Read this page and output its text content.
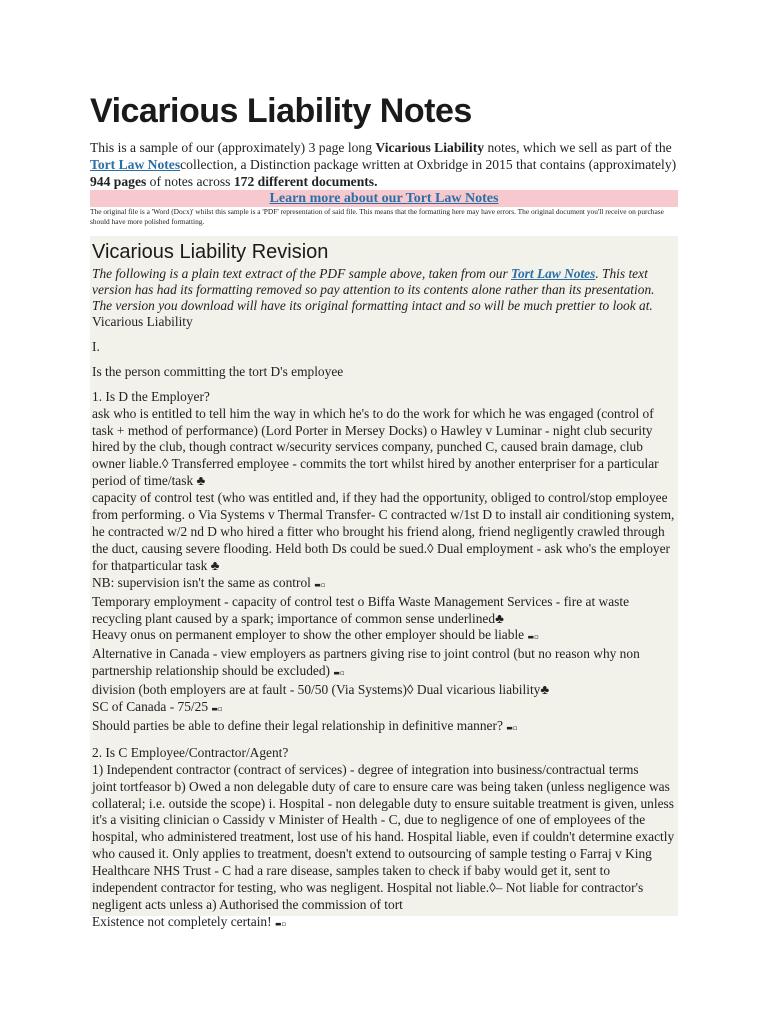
Vicarious Liability Notes
This is a sample of our (approximately) 3 page long Vicarious Liability notes, which we sell as part of the Tort Law Notescollection, a Distinction package written at Oxbridge in 2015 that contains (approximately) 944 pages of notes across 172 different documents.
Learn more about our Tort Law Notes
The original file is a 'Word (Docx)' whilst this sample is a 'PDF' representation of said file. This means that the formatting here may have errors. The original document you'll receive on purchase should have more polished formatting.
Vicarious Liability Revision
The following is a plain text extract of the PDF sample above, taken from our Tort Law Notes. This text version has had its formatting removed so pay attention to its contents alone rather than its presentation. The version you download will have its original formatting intact and so will be much prettier to look at.
Vicarious Liability
I.
Is the person committing the tort D's employee
1. Is D the Employer?
ask who is entitled to tell him the way in which he's to do the work for which he was engaged (control of task + method of performance) (Lord Porter in Mersey Docks) o Hawley v Luminar - night club security hired by the club, though contract w/security services company, punched C, caused brain damage, club owner liable.◊ Transferred employee - commits the tort whilst hired by another enterpriser for a particular period of time/task ♣
capacity of control test (who was entitled and, if they had the opportunity, obliged to control/stop employee from performing. o Via Systems v Thermal Transfer- C contracted w/1st D to install air conditioning system, he contracted w/2 nd D who hired a fitter who brought his friend along, friend negligently crawled through the duct, causing severe flooding. Held both Ds could be sued.◊ Dual employment - ask who's the employer for thatparticular task ♣
NB: supervision isn't the same as control ▬▫
Temporary employment - capacity of control test o Biffa Waste Management Services - fire at waste recycling plant caused by a spark; importance of common sense underlined♣
Heavy onus on permanent employer to show the other employer should be liable ▬▫
Alternative in Canada - view employers as partners giving rise to joint control (but no reason why non partnership relationship should be excluded) ▬▫
division (both employers are at fault - 50/50 (Via Systems)◊ Dual vicarious liability♣
SC of Canada - 75/25 ▬▫
Should parties be able to define their legal relationship in definitive manner? ▬▫
2. Is C Employee/Contractor/Agent?
1) Independent contractor (contract of services) - degree of integration into business/contractual terms
joint tortfeasor b) Owed a non delegable duty of care to ensure care was being taken (unless negligence was collateral; i.e. outside the scope) i. Hospital - non delegable duty to ensure suitable treatment is given, unless it's a visiting clinician o Cassidy v Minister of Health - C, due to negligence of one of employees of the hospital, who administered treatment, lost use of his hand. Hospital liable, even if couldn't determine exactly who caused it. Only applies to treatment, doesn't extend to outsourcing of sample testing o Farraj v King Healthcare NHS Trust - C had a rare disease, samples taken to check if baby would get it, sent to independent contractor for testing, who was negligent. Hospital not liable.◊– Not liable for contractor's negligent acts unless a) Authorised the commission of tort
Existence not completely certain! ▬▫
